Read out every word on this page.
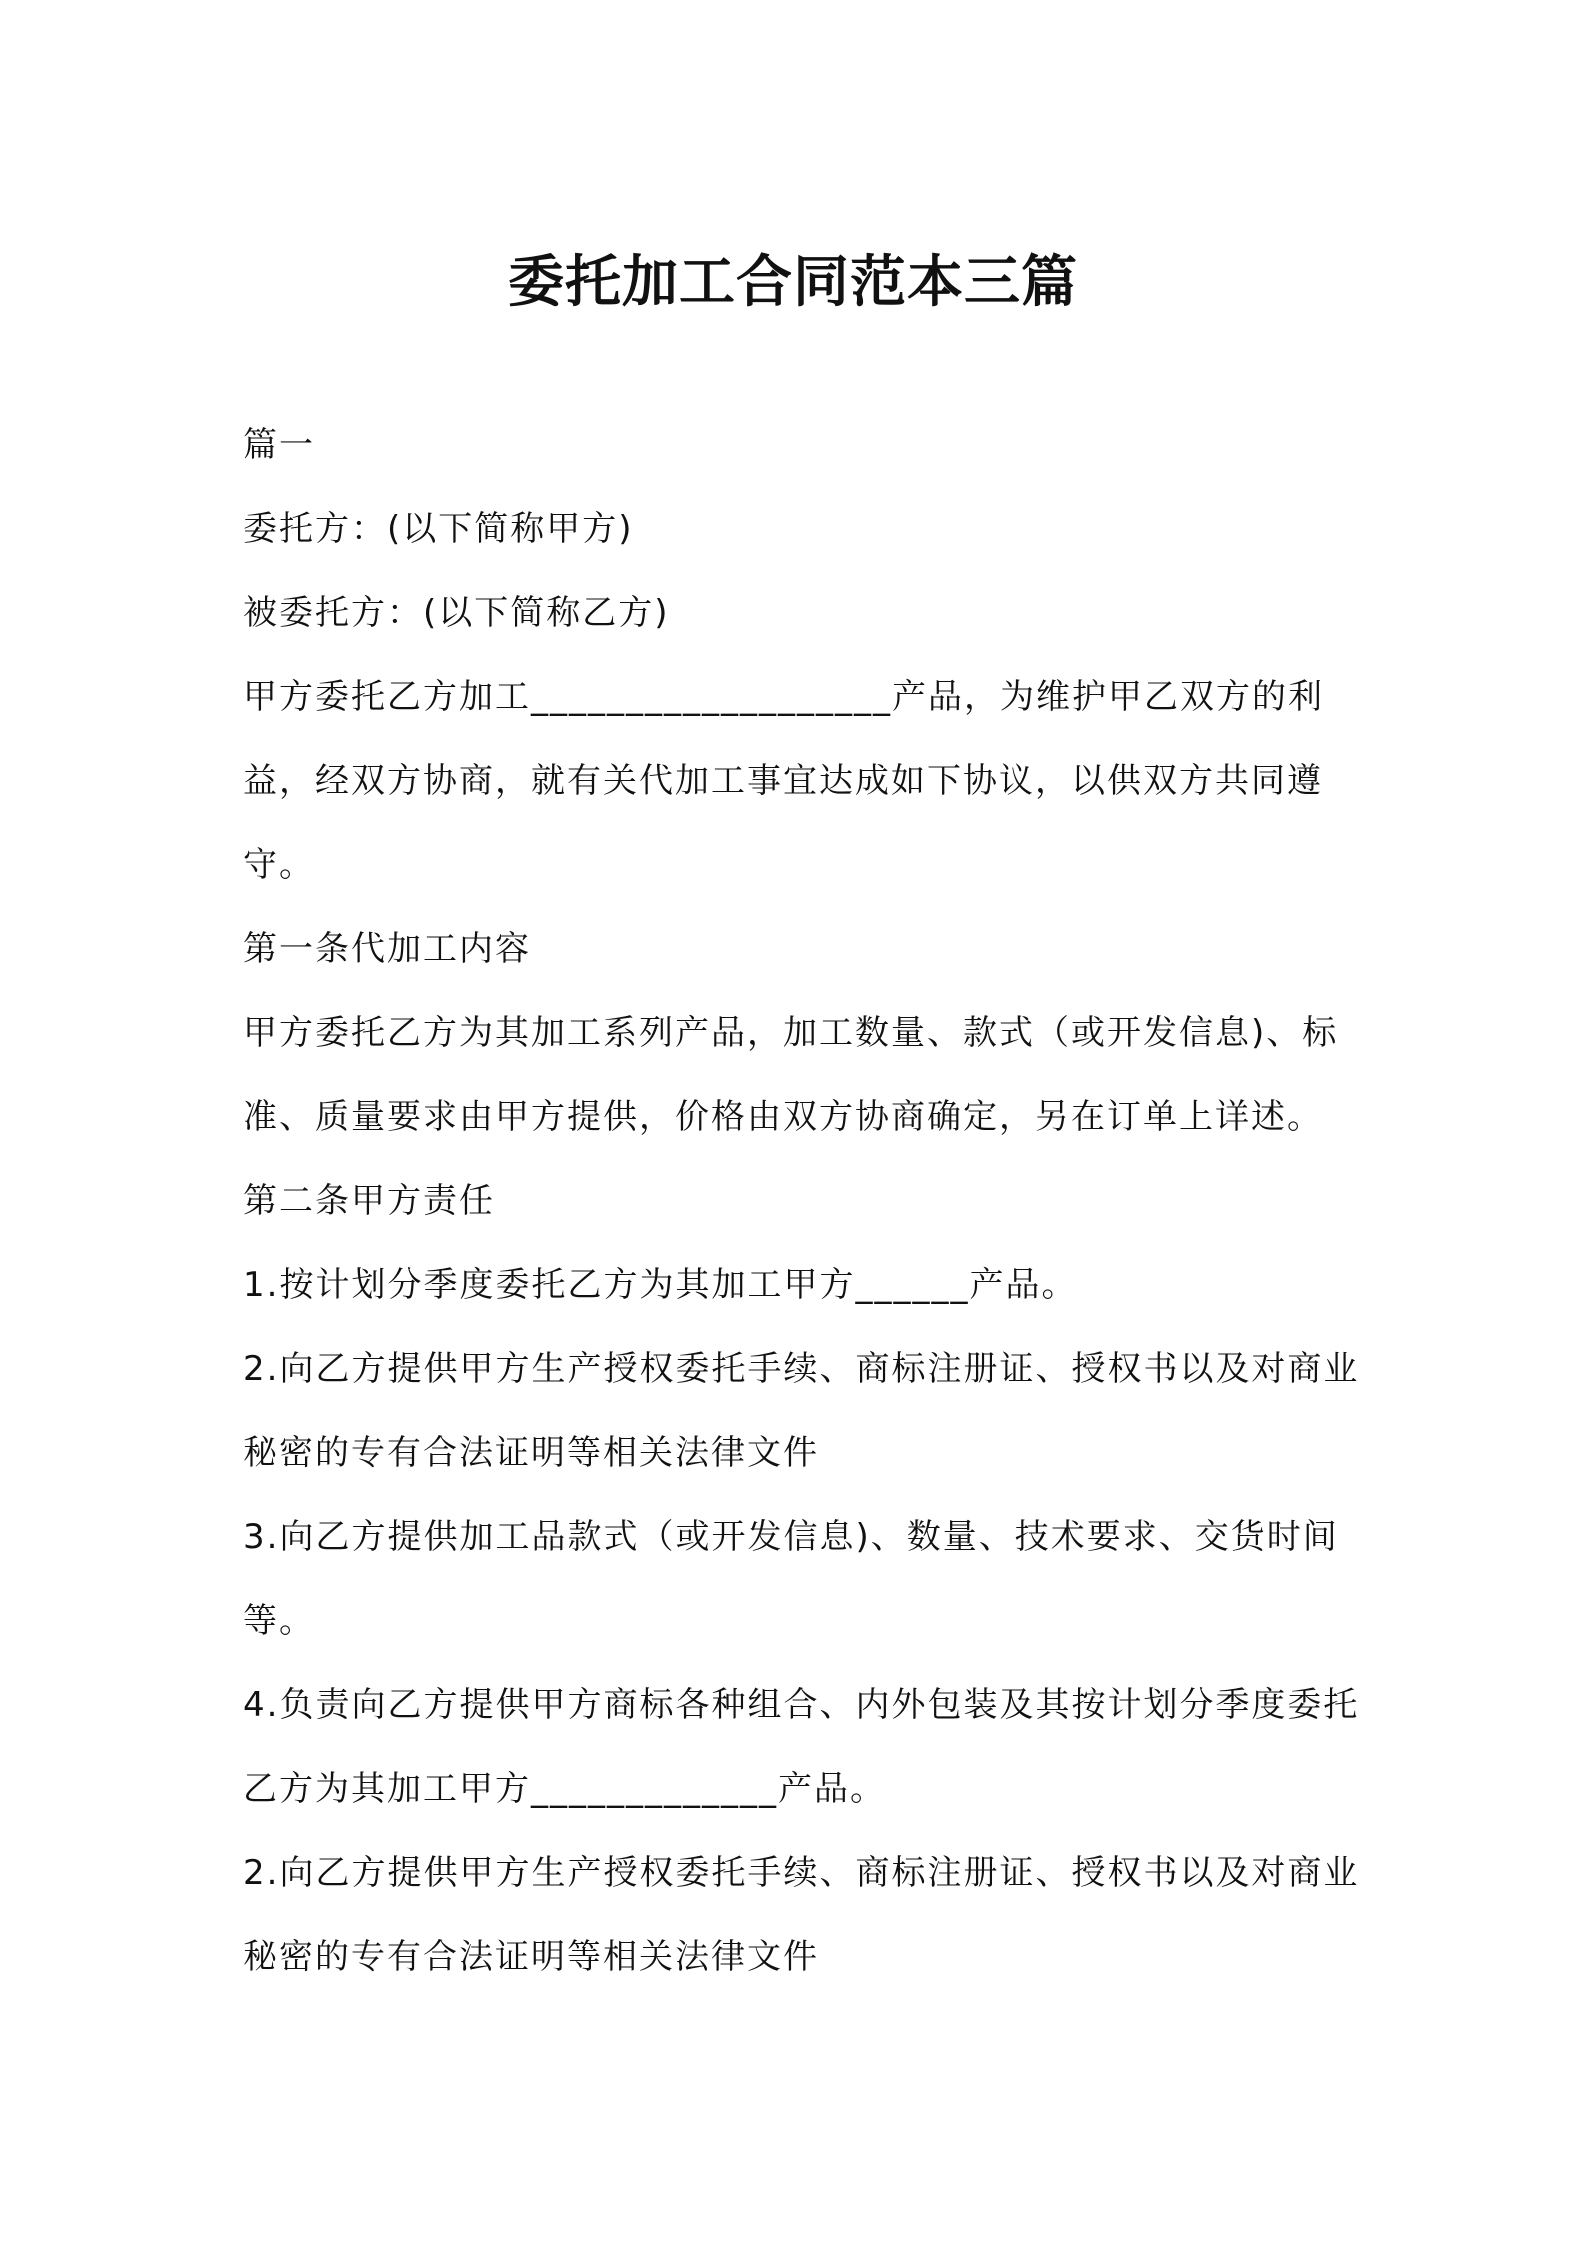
委托加工合同范本三篇

篇一

委托方：(以下简称甲方)

被委托方：(以下简称乙方)

甲方委托乙方加工___________________产品，为维护甲乙双方的利益，经双方协商，就有关代加工事宜达成如下协议，以供双方共同遵守。

第一条代加工内容

甲方委托乙方为其加工系列产品，加工数量、款式（或开发信息)、标准、质量要求由甲方提供，价格由双方协商确定，另在订单上详述。

第二条甲方责任

1.按计划分季度委托乙方为其加工甲方______产品。

2.向乙方提供甲方生产授权委托手续、商标注册证、授权书以及对商业秘密的专有合法证明等相关法律文件

3.向乙方提供加工品款式（或开发信息)、数量、技术要求、交货时间等。

4.负责向乙方提供甲方商标各种组合、内外包装及其按计划分季度委托乙方为其加工甲方_____________产品。

2.向乙方提供甲方生产授权委托手续、商标注册证、授权书以及对商业秘密的专有合法证明等相关法律文件
